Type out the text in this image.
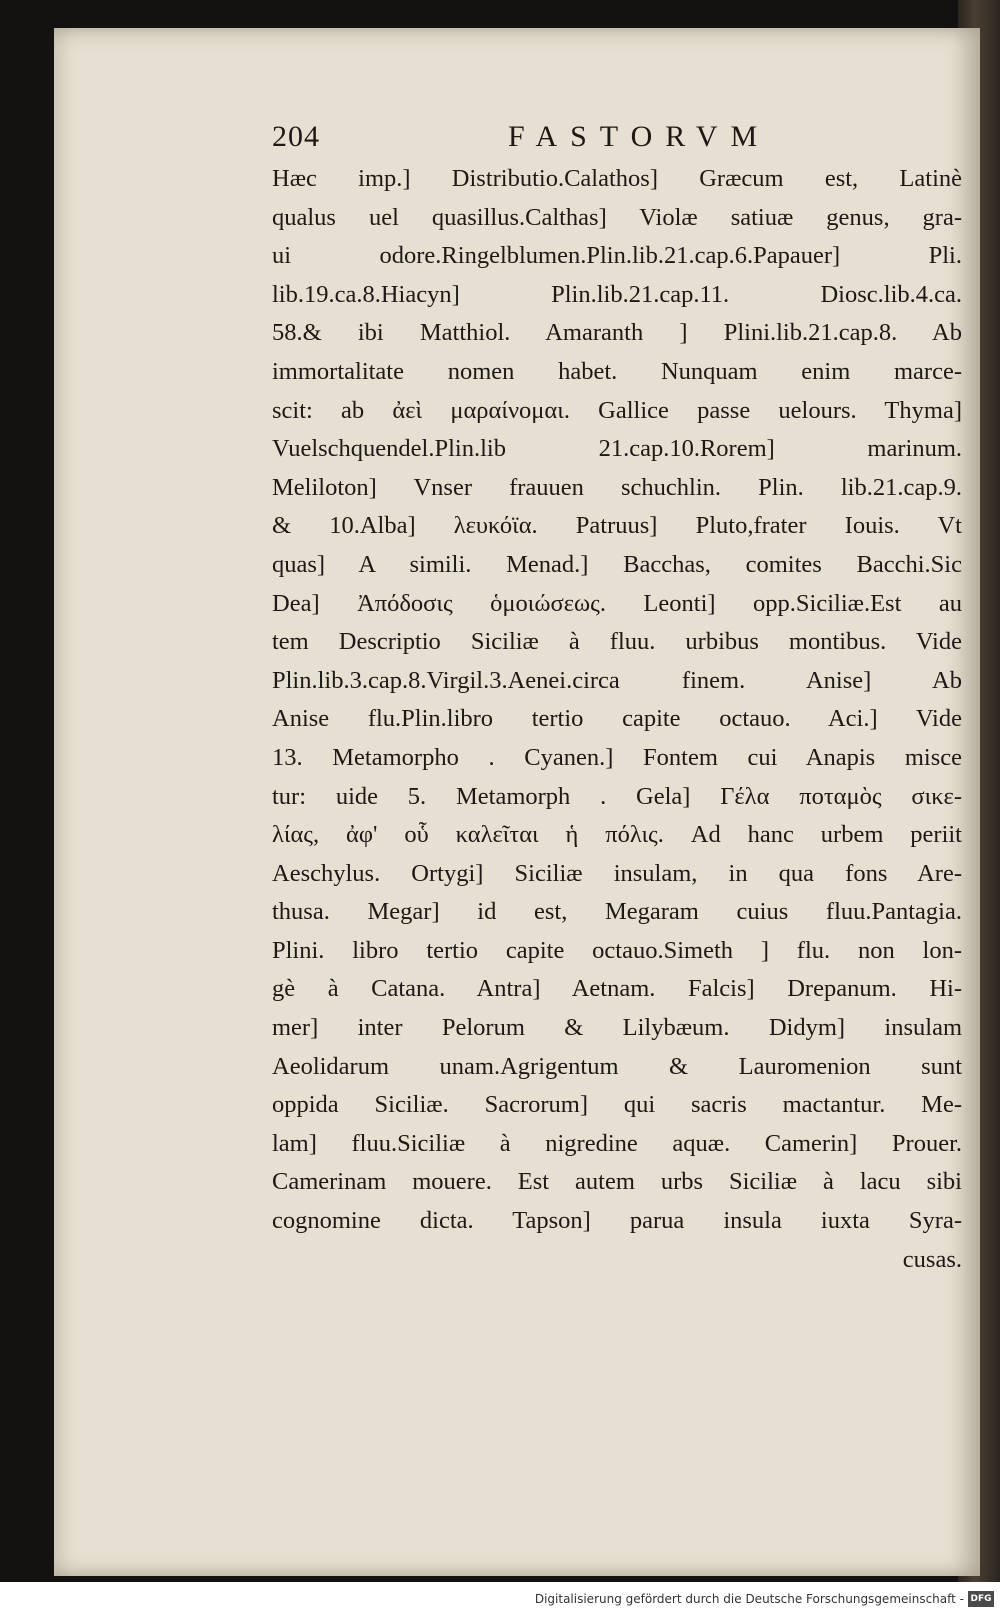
204	FASTORVM
Hæc imp.] Distributio.Calathos] Græcum est, Latinè
qualus uel quasillus.Calthas] Violæ satiuæ genus, gra-
ui odore.Ringelblumen.Plin.lib.21.cap.6.Papauer] Pli.
lib.19.ca.8.Hiacyn] Plin.lib.21.cap.11. Diosc.lib.4.ca.
58.& ibi Matthiol. Amaranth ] Plini.lib.21.cap.8. Ab
immortalitate nomen habet. Nunquam enim marce-
scit: ab ἀεὶ μαραίνομαι. Gallice passe uelours. Thyma]
Vuelschquendel.Plin.lib 21.cap.10.Rorem] marinum.
Meliloton] Vnser frauuen schuchlin. Plin. lib.21.cap.9.
& 10.Alba] λευκόϊα. Patruus] Pluto,frater Iouis. Vt
quas] A simili. Menad.] Bacchas, comites Bacchi.Sic
Dea] Ἀπόδοσις ὁμοιώσεως. Leonti] opp.Siciliæ.Est au
tem Descriptio Siciliæ à fluu. urbibus montibus. Vide
Plin.lib.3.cap.8.Virgil.3.Aenei.circa finem. Anise] Ab
Anise flu.Plin.libro tertio capite octauo. Aci.] Vide
13. Metamorpho . Cyanen.] Fontem cui Anapis misce
tur: uide 5. Metamorph . Gela] Γέλα ποταμὸς σικε-
λίας, ἀφ' οὗ καλεῖται ἡ πόλις. Ad hanc urbem periit
Aeschylus. Ortygi] Siciliæ insulam, in qua fons Are-
thusa. Megar] id est, Megaram cuius fluu.Pantagia.
Plini. libro tertio capite octauo.Simeth ] flu. non lon-
gè à Catana. Antra] Aetnam. Falcis] Drepanum. Hi-
mer] inter Pelorum & Lilybæum. Didym] insulam
Aeolidarum unam.Agrigentum & Lauromenion sunt
oppida Siciliæ. Sacrorum] qui sacris mactantur. Me-
lam] fluu.Siciliæ à nigredine aquæ. Camerin] Prouer.
Camerinam mouere. Est autem urbs Siciliæ à lacu sibi
cognomine dicta. Tapson] parua insula iuxta Syra-
cusas.
Digitalisierung gefördert durch die Deutsche Forschungsgemeinschaft - DFG
